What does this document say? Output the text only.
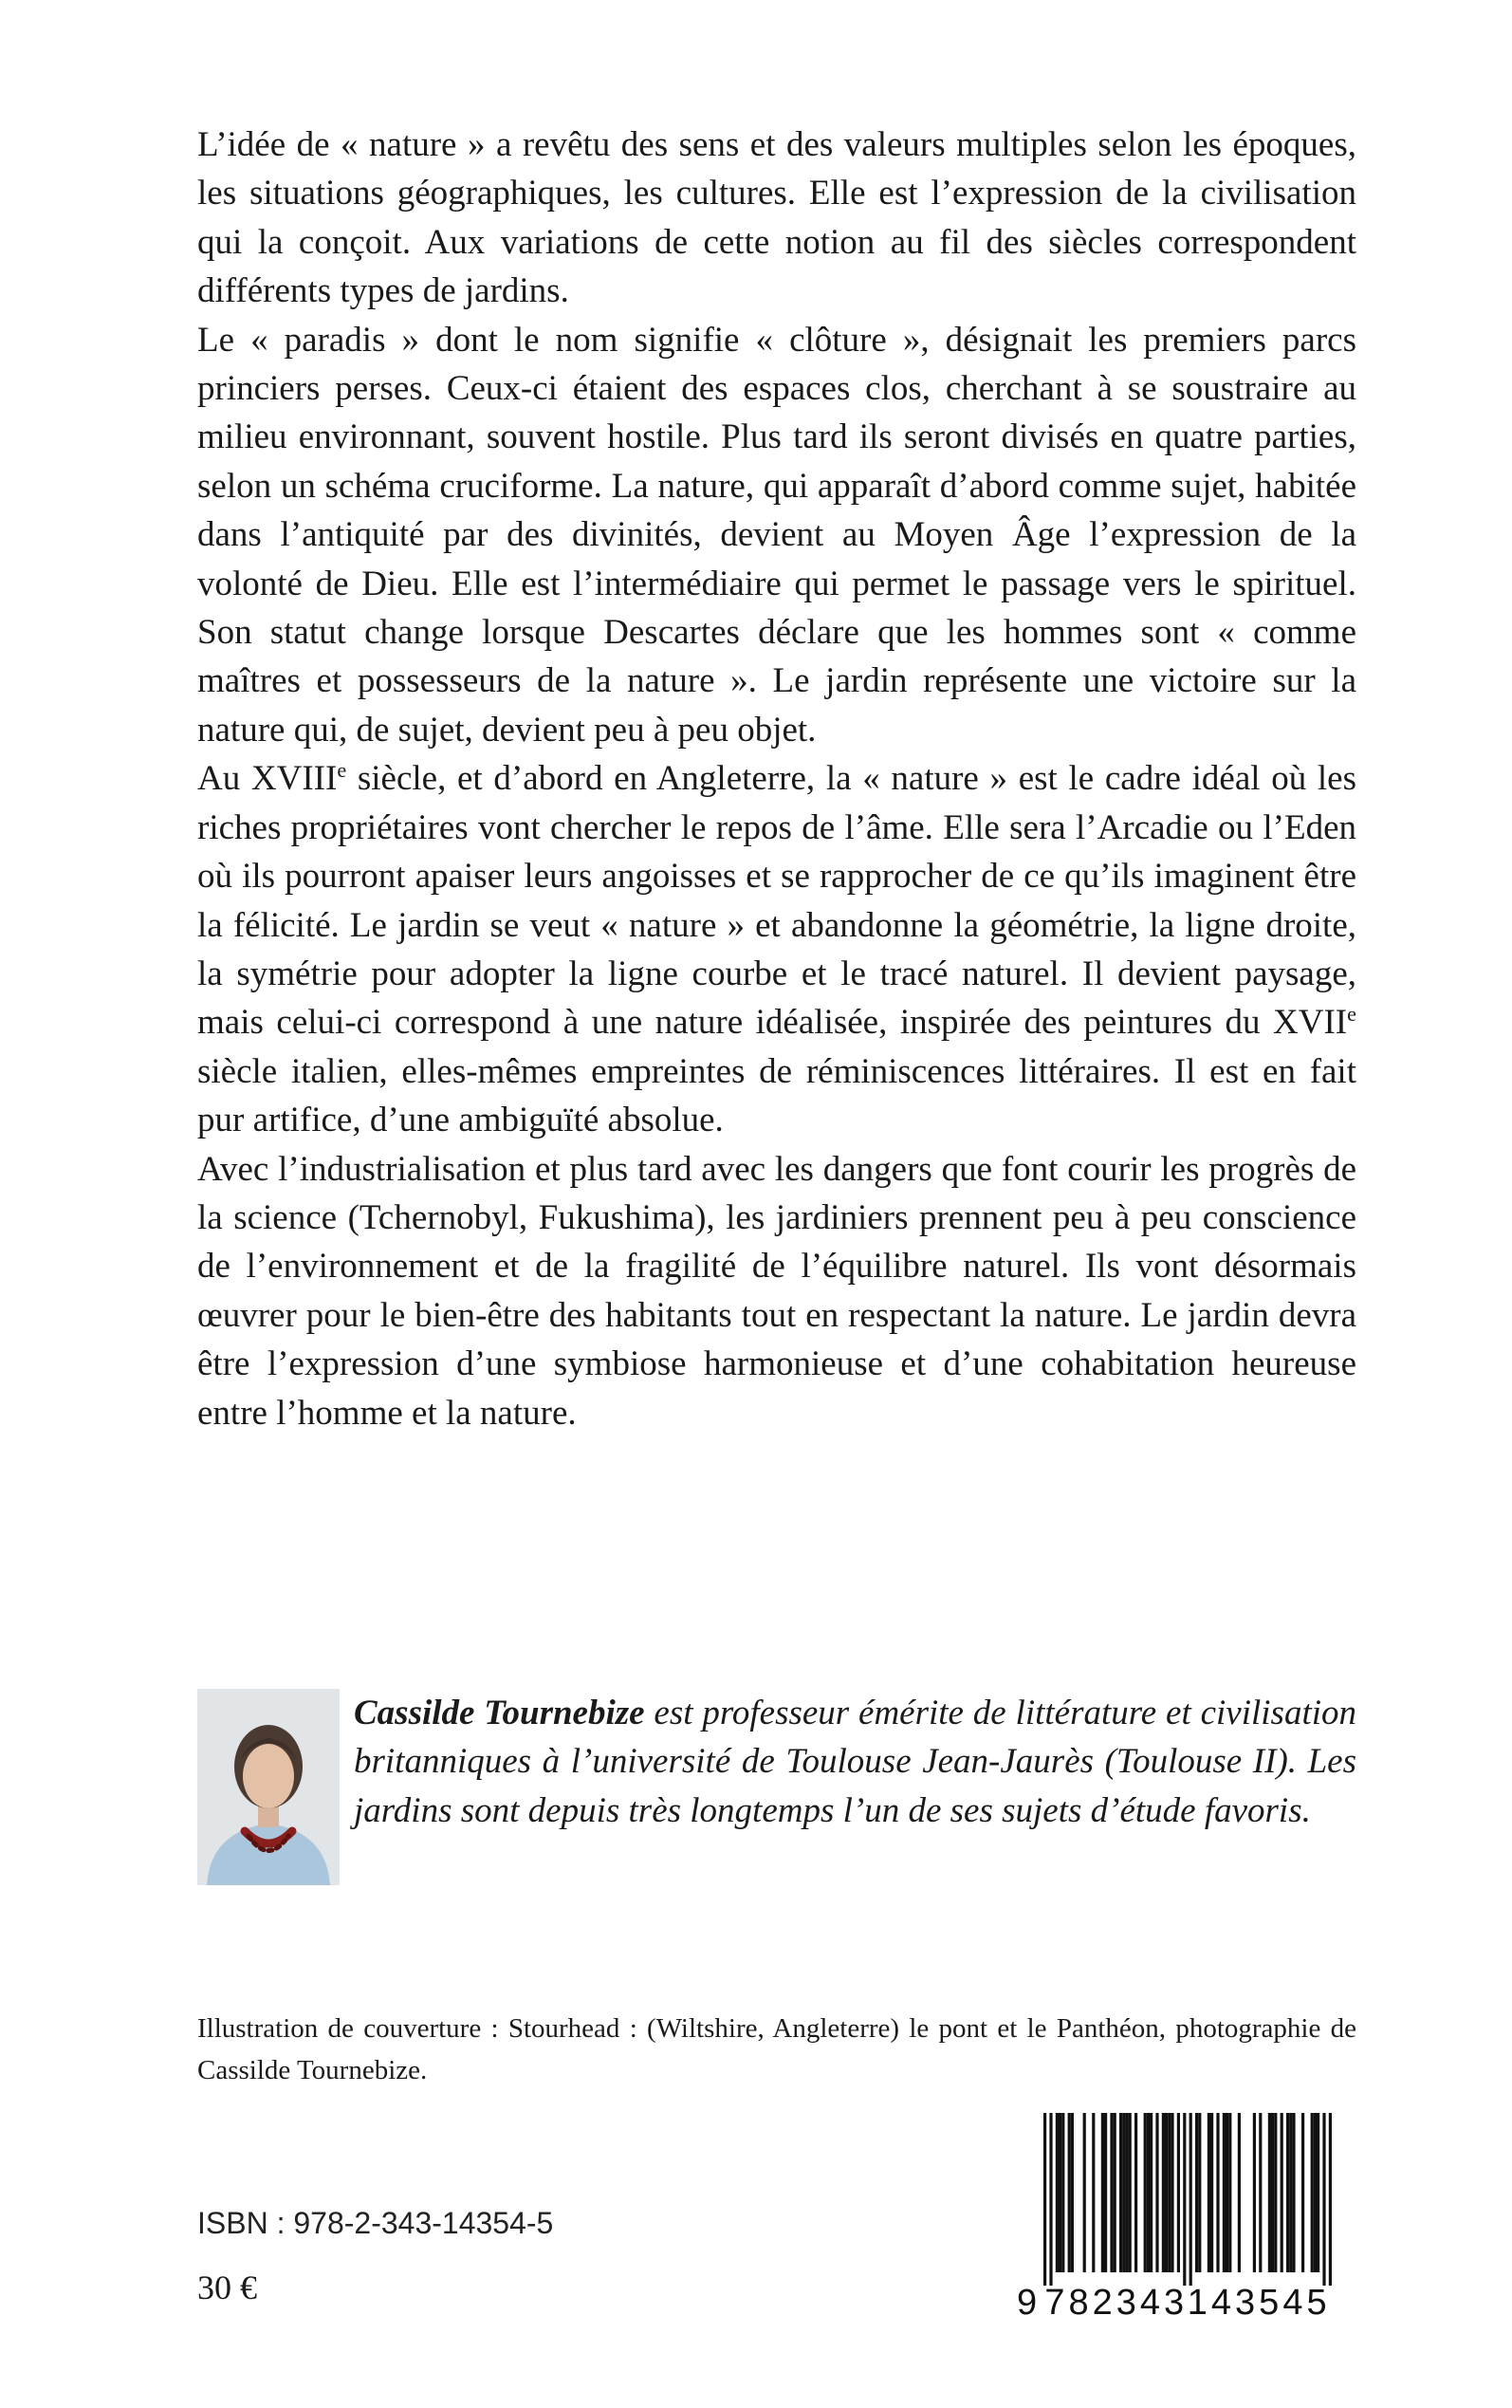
L’idée de « nature » a revêtu des sens et des valeurs multiples selon les époques, les situations géographiques, les cultures. Elle est l’expression de la civilisation qui la conçoit. Aux variations de cette notion au fil des siècles correspondent différents types de jardins.

Le « paradis » dont le nom signifie « clôture », désignait les premiers parcs princiers perses. Ceux-ci étaient des espaces clos, cherchant à se soustraire au milieu environnant, souvent hostile. Plus tard ils seront divisés en quatre parties, selon un schéma cruciforme. La nature, qui apparaît d’abord comme sujet, habitée dans l’antiquité par des divinités, devient au Moyen Âge l’expression de la volonté de Dieu. Elle est l’intermédiaire qui permet le passage vers le spirituel. Son statut change lorsque Descartes déclare que les hommes sont « comme maîtres et possesseurs de la nature ». Le jardin représente une victoire sur la nature qui, de sujet, devient peu à peu objet.

Au XVIIIe siècle, et d’abord en Angleterre, la « nature » est le cadre idéal où les riches propriétaires vont chercher le repos de l’âme. Elle sera l’Arcadie ou l’Eden où ils pourront apaiser leurs angoisses et se rapprocher de ce qu’ils imaginent être la félicité. Le jardin se veut « nature » et abandonne la géométrie, la ligne droite, la symétrie pour adopter la ligne courbe et le tracé naturel. Il devient paysage, mais celui-ci correspond à une nature idéalisée, inspirée des peintures du XVIIe siècle italien, elles-mêmes empreintes de réminiscences littéraires. Il est en fait pur artifice, d’une ambiguïté absolue.

Avec l’industrialisation et plus tard avec les dangers que font courir les progrès de la science (Tchernobyl, Fukushima), les jardiniers prennent peu à peu conscience de l’environnement et de la fragilité de l’équilibre naturel. Ils vont désormais œuvrer pour le bien-être des habitants tout en respectant la nature. Le jardin devra être l’expression d’une symbiose harmonieuse et d’une cohabitation heureuse entre l’homme et la nature.

Cassilde Tournebize est professeur émérite de littérature et civilisation britanniques à l’université de Toulouse Jean-Jaurès (Toulouse II). Les jardins sont depuis très longtemps l’un de ses sujets d’étude favoris.
Illustration de couverture : Stourhead : (Wiltshire, Angleterre) le pont et le Panthéon, photographie de Cassilde Tournebize.
ISBN : 978-2-343-14354-5
30 €	9 782343 143545
